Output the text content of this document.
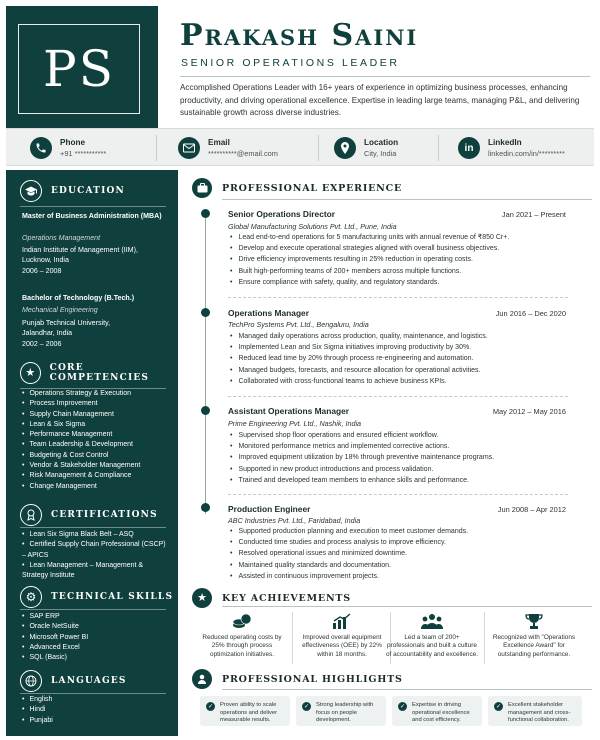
PS
Prakash Saini
SENIOR OPERATIONS LEADER
Accomplished Operations Leader with 16+ years of experience in optimizing business processes, enhancing productivity, and driving operational excellence. Expertise in leading large teams, managing P&L, and delivering sustainable growth across diverse industries.
Phone
+91 ***********
Email
**********@email.com
Location
City, India	in LinkedIn
linkedin.com/in/*********
EDUCATION
Master of Business Administration (MBA)
Operations Management
Indian Institute of Management (IIM), Lucknow, India
2006 – 2008
Bachelor of Technology (B.Tech.)
Mechanical Engineering
Punjab Technical University, Jalandhar, India
2002 – 2006
★ CORE COMPETENCIES
• Operations Strategy & Execution
• Process Improvement
• Supply Chain Management
• Lean & Six Sigma
• Performance Management
• Team Leadership & Development
• Budgeting & Cost Control
• Vendor & Stakeholder Management
• Risk Management & Compliance
• Change Management
CERTIFICATIONS
• Lean Six Sigma Black Belt – ASQ
• Certified Supply Chain Professional (CSCP) – APICS
• Lean Management – Management & Strategy Institute
⚙ TECHNICAL SKILLS
• SAP ERP
• Oracle NetSuite
• Microsoft Power BI
• Advanced Excel
• SQL (Basic)
LANGUAGES
• English
• Hindi
• Punjabi
PROFESSIONAL EXPERIENCE
Senior Operations Director	Jan 2021 – Present
Global Manufacturing Solutions Pvt. Ltd., Pune, India
• Lead end-to-end operations for 5 manufacturing units with annual revenue of ₹850 Cr+.
• Develop and execute operational strategies aligned with overall business objectives.
• Drive efficiency improvements resulting in 25% reduction in operating costs.
• Built high-performing teams of 200+ members across multiple functions.
• Ensure compliance with safety, quality, and regulatory standards.
Operations Manager	Jun 2016 – Dec 2020
TechPro Systems Pvt. Ltd., Bengaluru, India
• Managed daily operations across production, quality, maintenance, and logistics.
• Implemented Lean and Six Sigma initiatives improving productivity by 30%.
• Reduced lead time by 20% through process re-engineering and automation.
• Managed budgets, forecasts, and resource allocation for operational activities.
• Collaborated with cross-functional teams to achieve business KPIs.
Assistant Operations Manager	May 2012 – May 2016
Prime Engineering Pvt. Ltd., Nashik, India
• Supervised shop floor operations and ensured efficient workflow.
• Monitored performance metrics and implemented corrective actions.
• Improved equipment utilization by 18% through preventive maintenance programs.
• Supported in new product introductions and process validation.
• Trained and developed team members to enhance skills and performance.
Production Engineer	Jun 2008 – Apr 2012
ABC Industries Pvt. Ltd., Faridabad, India
• Supported production planning and execution to meet customer demands.
• Conducted time studies and process analysis to improve efficiency.
• Resolved operational issues and minimized downtime.
• Maintained quality standards and documentation.
• Assisted in continuous improvement projects.
★ KEY ACHIEVEMENTS
Reduced operating costs by 25% through process optimization initiatives.
Improved overall equipment effectiveness (OEE) by 22% within 18 months.
Led a team of 200+ professionals and built a culture of accountability and excellence.
Recognized with "Operations Excellence Award" for outstanding performance.
PROFESSIONAL HIGHLIGHTS
✓ Proven ability to scale operations and deliver measurable results.
✓ Strong leadership with focus on people development.
✓ Expertise in driving operational excellence and cost efficiency.
✓ Excellent stakeholder management and cross-functional collaboration.
